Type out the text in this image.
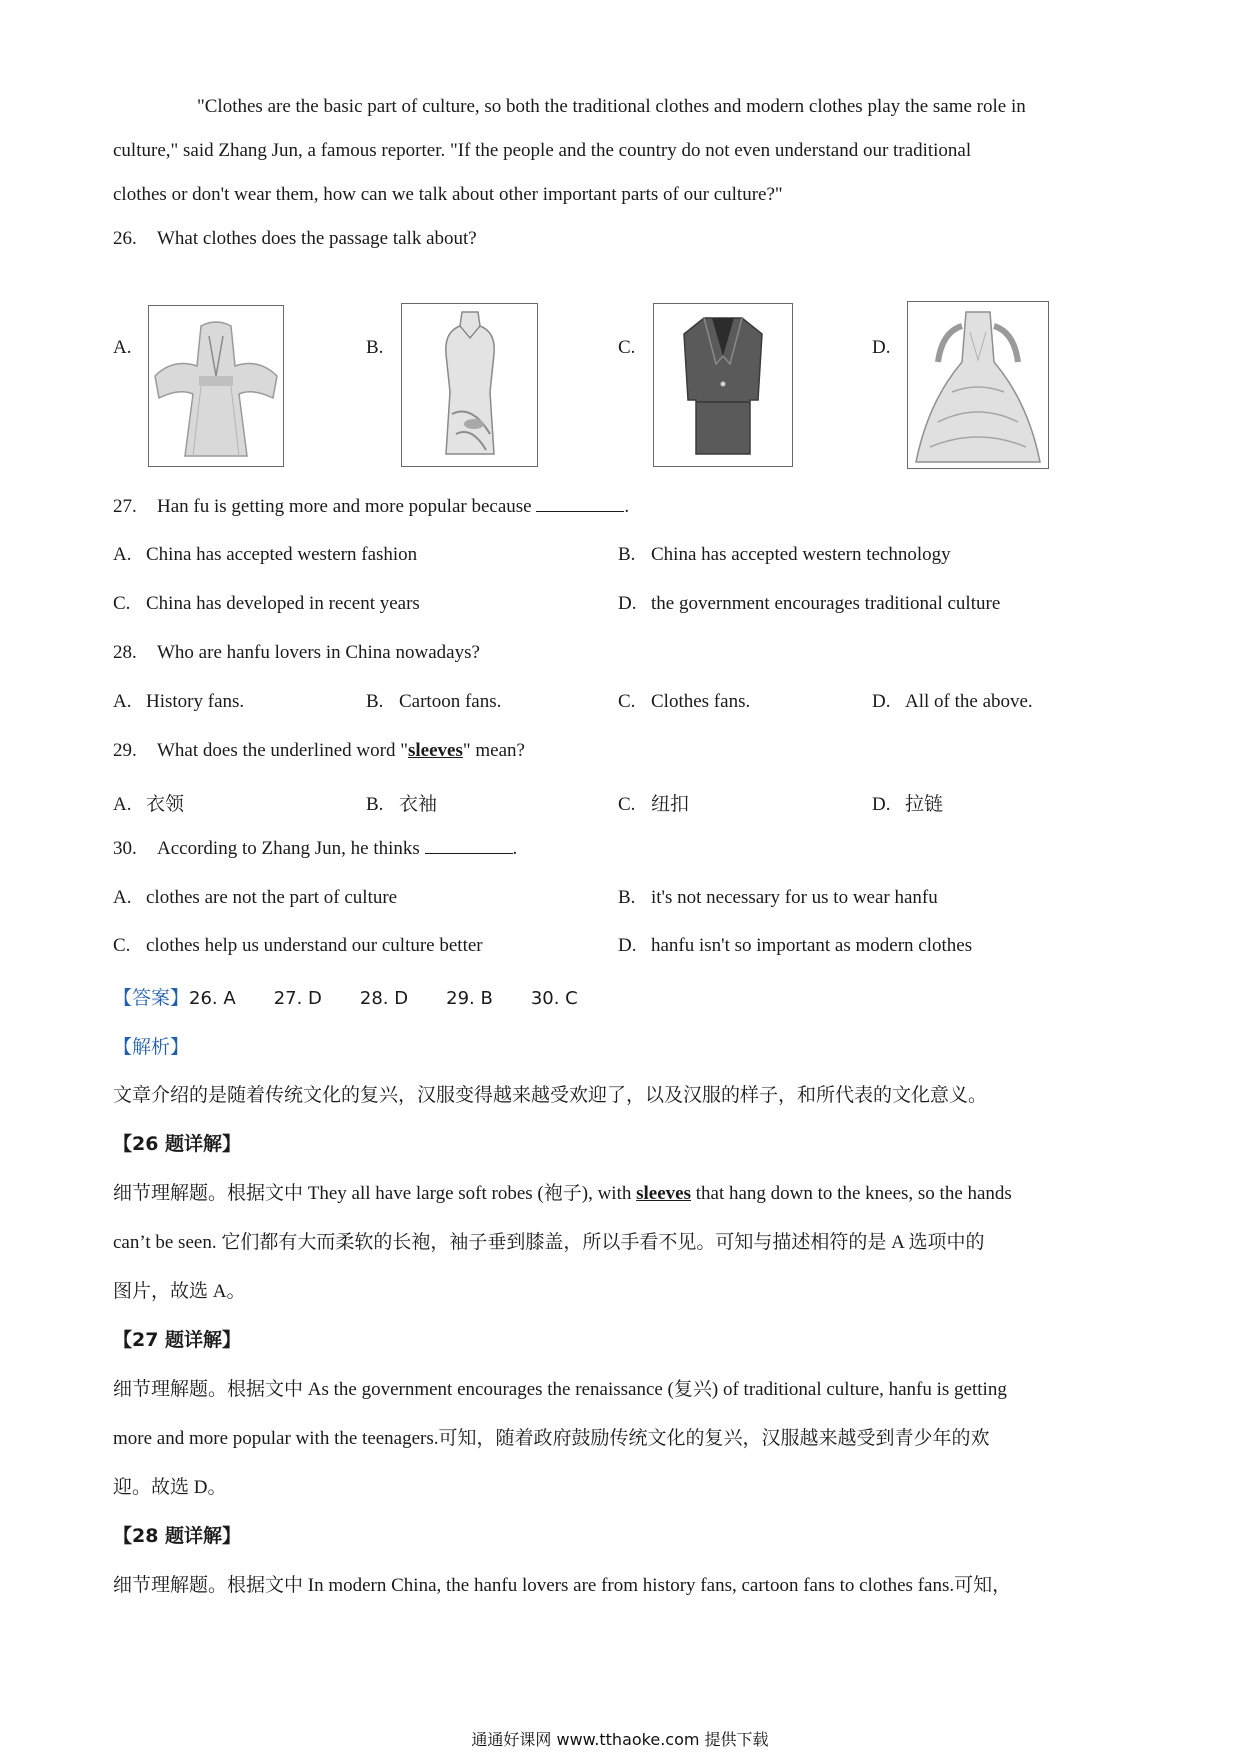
"Clothes are the basic part of culture, so both the traditional clothes and modern clothes play the same role in
culture," said Zhang Jun, a famous reporter. "If the people and the country do not even understand our traditional
clothes or don't wear them, how can we talk about other important parts of our culture?"
26. What clothes does the passage talk about?
A.	B.	C.	D.
27. Han fu is getting more and more popular because	.
A. China has accepted western fashion	B. China has accepted western technology
C. China has developed in recent years	D. the government encourages traditional culture
28. Who are hanfu lovers in China nowadays?
A. History fans.	B. Cartoon fans.	C. Clothes fans.	D. All of the above.
29. What does the underlined word "sleeves" mean?
A. 衣领	B. 衣袖	C. 纽扣	D. 拉链
30. According to Zhang Jun, he thinks	.
A. clothes are not the part of culture	B. it's not necessary for us to wear hanfu
C. clothes help us understand our culture better	D. hanfu isn't so important as modern clothes
【答案】26. A 27. D 28. D 29. B 30. C
【解析】
文章介绍的是随着传统文化的复兴，汉服变得越来越受欢迎了，以及汉服的样子，和所代表的文化意义。
【26 题详解】
细节理解题。根据文中 They all have large soft robes (袍子), with sleeves that hang down to the knees, so the hands
can’t be seen. 它们都有大而柔软的长袍，袖子垂到膝盖，所以手看不见。可知与描述相符的是 A 选项中的
图片，故选 A。
【27 题详解】
细节理解题。根据文中 As the government encourages the renaissance (复兴) of traditional culture, hanfu is getting
more and more popular with the teenagers.可知，随着政府鼓励传统文化的复兴，汉服越来越受到青少年的欢
迎。故选 D。
【28 题详解】
细节理解题。根据文中 In modern China, the hanfu lovers are from history fans, cartoon fans to clothes fans.可知，
通通好课网 www.tthaoke.com 提供下载
